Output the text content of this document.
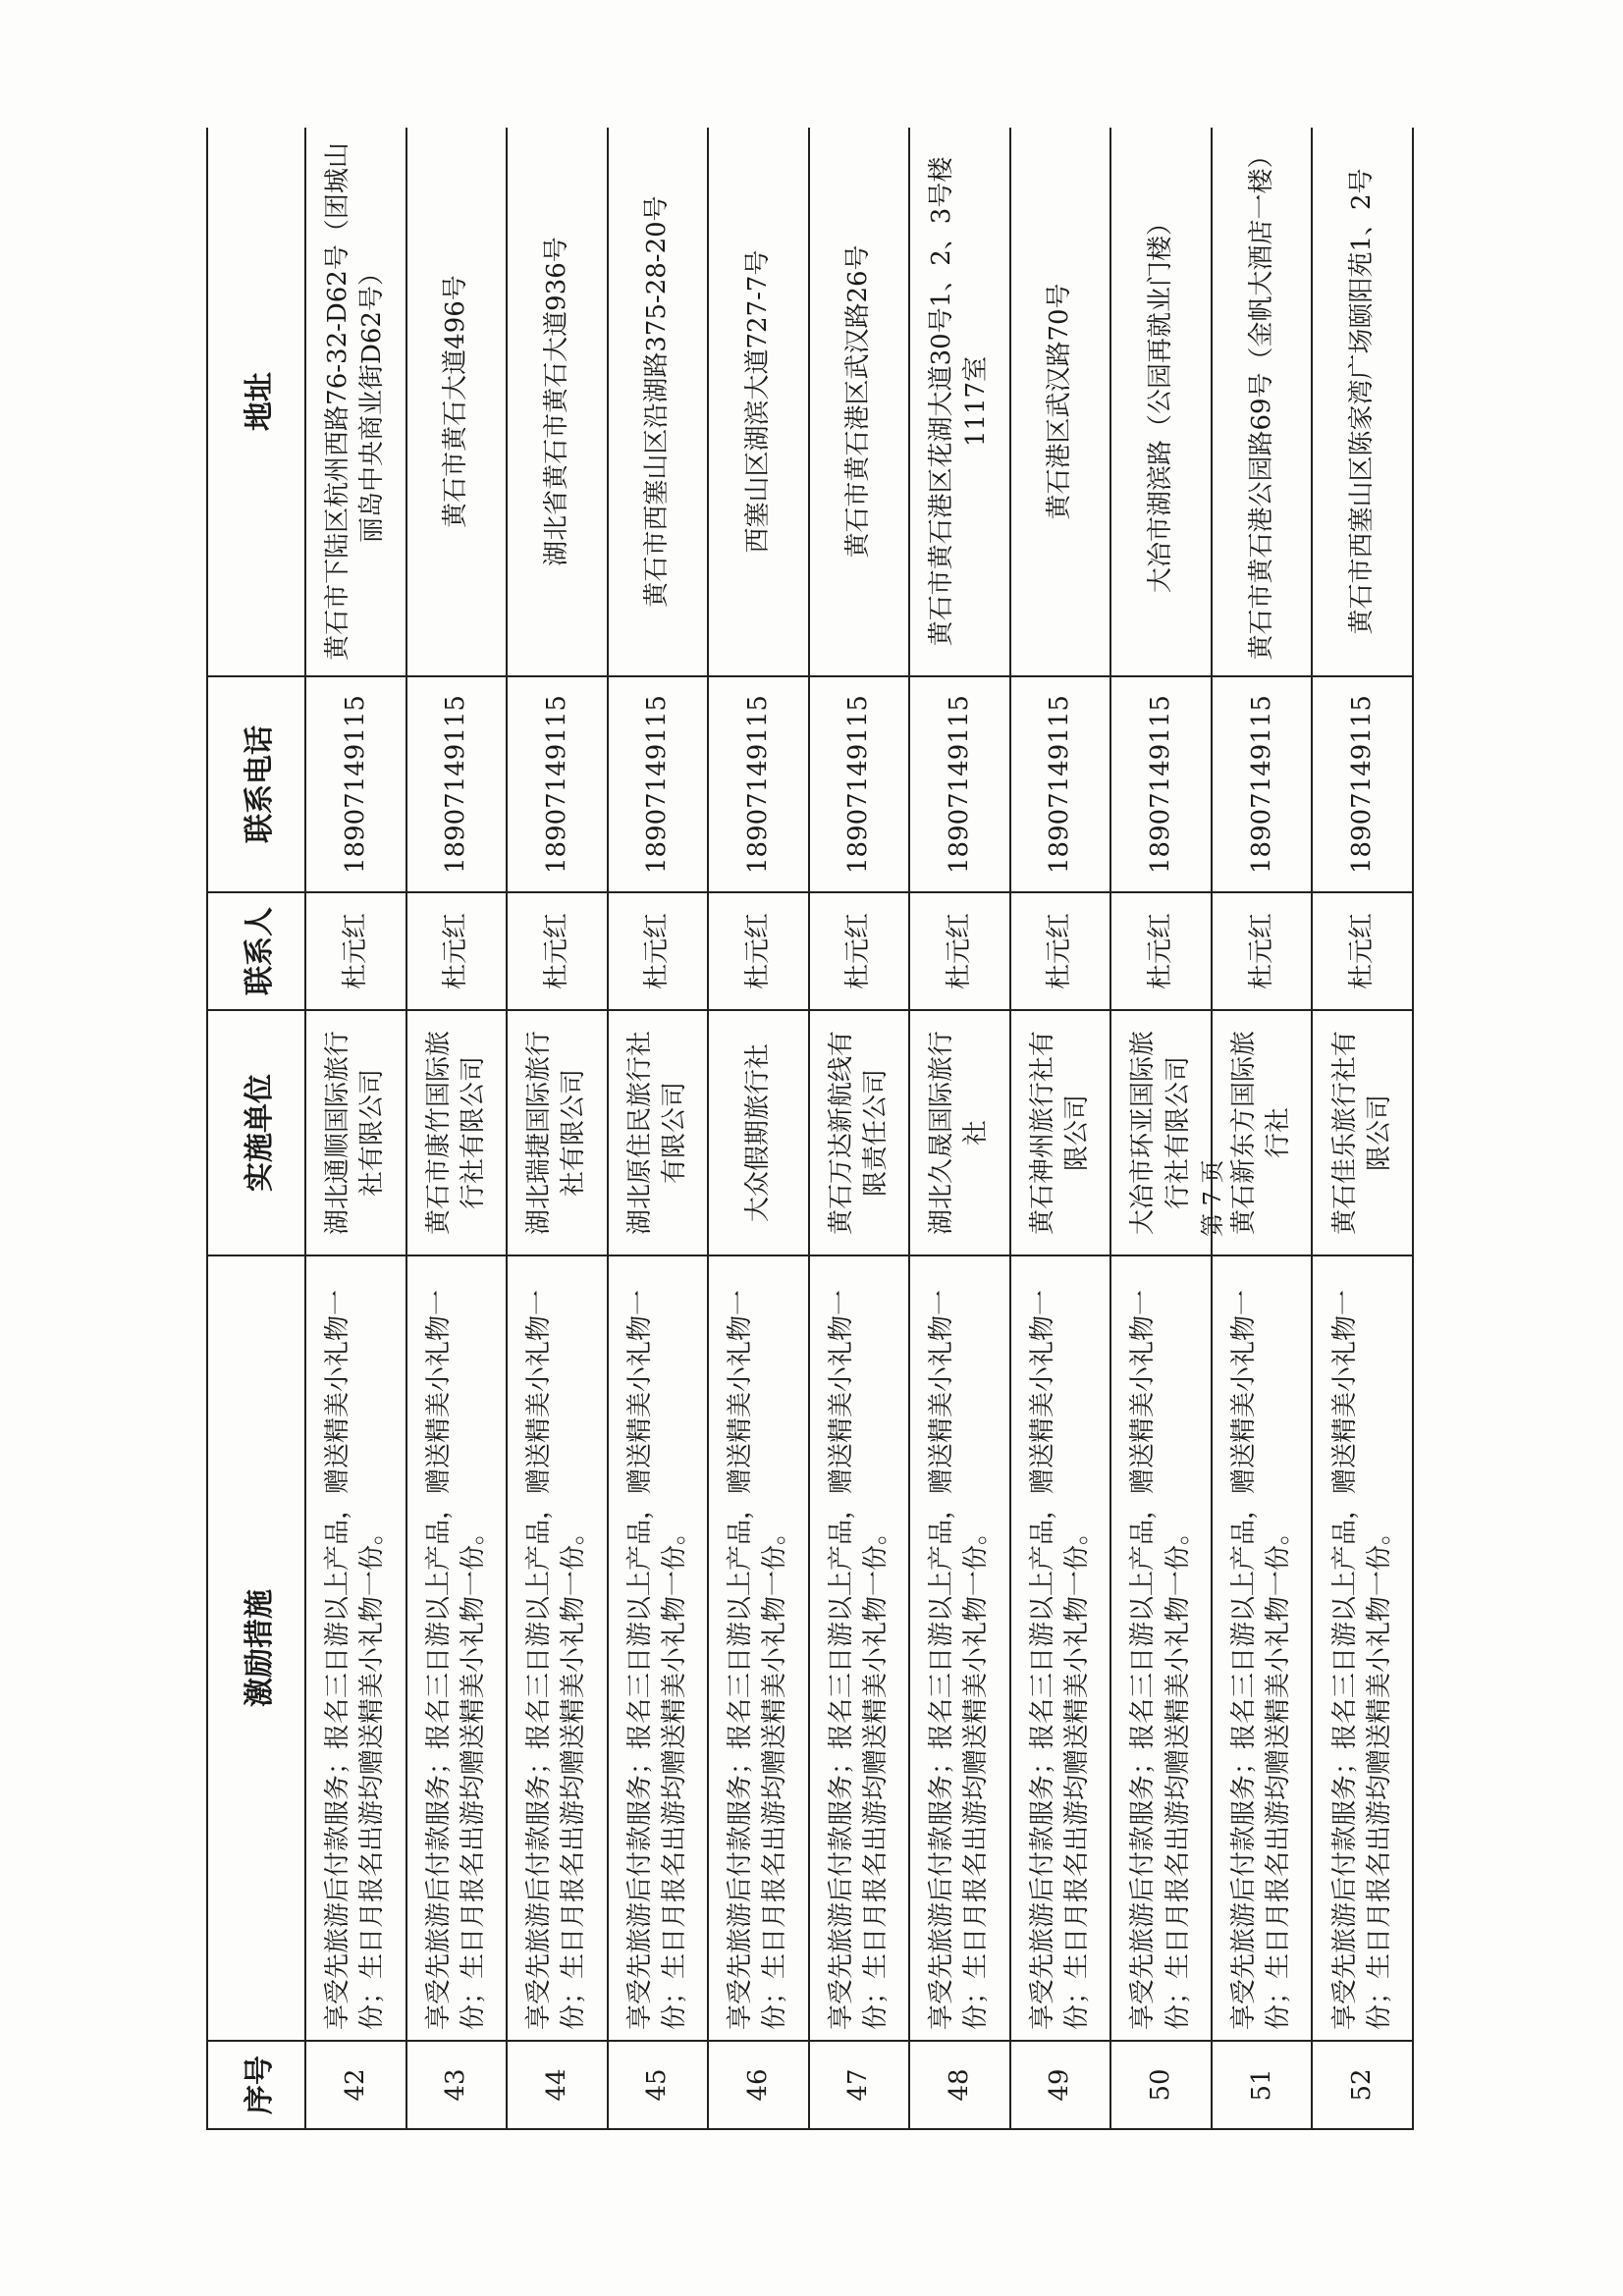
序号	激励措施	实施单位	联系人	联系电话	地址
42	享受先旅游后付款服务；报名三日游以上产品，赠送精美小礼物一份；生日月报名出游均赠送精美小礼物一份。	湖北通顺国际旅行社有限公司	杜元红	18907149115	黄石市下陆区杭州西路76-32-D62号（团城山丽岛中央商业街D62号）
43	享受先旅游后付款服务；报名三日游以上产品，赠送精美小礼物一份；生日月报名出游均赠送精美小礼物一份。	黄石市康竹国际旅行社有限公司	杜元红	18907149115	黄石市黄石大道496号
44	享受先旅游后付款服务；报名三日游以上产品，赠送精美小礼物一份；生日月报名出游均赠送精美小礼物一份。	湖北瑞捷国际旅行社有限公司	杜元红	18907149115	湖北省黄石市黄石大道936号
45	享受先旅游后付款服务；报名三日游以上产品，赠送精美小礼物一份；生日月报名出游均赠送精美小礼物一份。	湖北原住民旅行社有限公司	杜元红	18907149115	黄石市西塞山区沿湖路375-28-20号
46	享受先旅游后付款服务；报名三日游以上产品，赠送精美小礼物一份；生日月报名出游均赠送精美小礼物一份。	大众假期旅行社	杜元红	18907149115	西塞山区湖滨大道727-7号
47	享受先旅游后付款服务；报名三日游以上产品，赠送精美小礼物一份；生日月报名出游均赠送精美小礼物一份。	黄石万达新航线有限责任公司	杜元红	18907149115	黄石市黄石港区武汉路26号
48	享受先旅游后付款服务；报名三日游以上产品，赠送精美小礼物一份；生日月报名出游均赠送精美小礼物一份。	湖北久晟国际旅行社	杜元红	18907149115	黄石市黄石港区花湖大道30号1、2、3号楼1117室
49	享受先旅游后付款服务；报名三日游以上产品，赠送精美小礼物一份；生日月报名出游均赠送精美小礼物一份。	黄石神州旅行社有限公司	杜元红	18907149115	黄石港区武汉路70号
50	享受先旅游后付款服务；报名三日游以上产品，赠送精美小礼物一份；生日月报名出游均赠送精美小礼物一份。	大冶市环亚国际旅行社有限公司	杜元红	18907149115	大冶市湖滨路（公园再就业门楼）
51	享受先旅游后付款服务；报名三日游以上产品，赠送精美小礼物一份；生日月报名出游均赠送精美小礼物一份。	黄石新东方国际旅行社	杜元红	18907149115	黄石市黄石港公园路69号（金帆大酒店一楼）
52	享受先旅游后付款服务；报名三日游以上产品，赠送精美小礼物一份；生日月报名出游均赠送精美小礼物一份。	黄石佳乐旅行社有限公司	杜元红	18907149115	黄石市西塞山区陈家湾广场颐阳苑1、2号
第 7 页
